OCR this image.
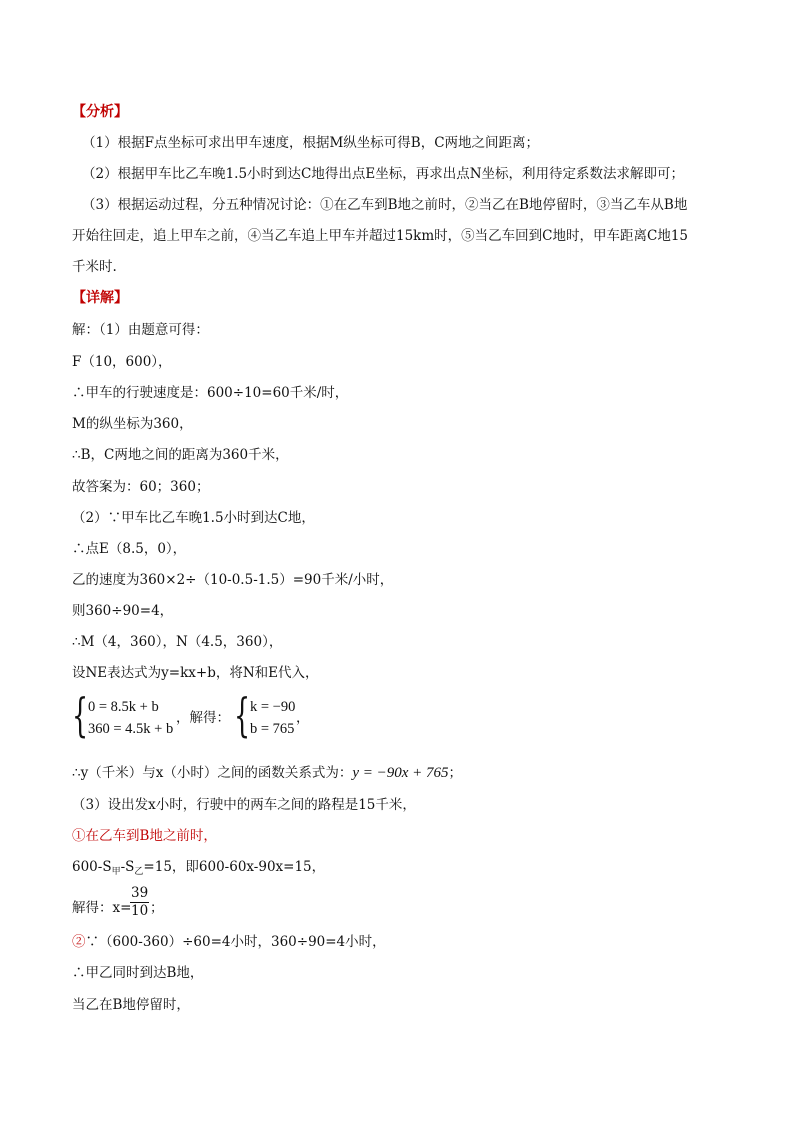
【分析】
（1）根据F点坐标可求出甲车速度，根据M纵坐标可得B，C两地之间距离；
（2）根据甲车比乙车晚1.5小时到达C地得出点E坐标，再求出点N坐标，利用待定系数法求解即可；
（3）根据运动过程，分五种情况讨论：①在乙车到B地之前时，②当乙在B地停留时，③当乙车从B地
开始往回走，追上甲车之前，④当乙车追上甲车并超过15km时，⑤当乙车回到C地时，甲车距离C地15
千米时.
【详解】
解：（1）由题意可得：
F（10，600），
∴甲车的行驶速度是：600÷10=60千米/时，
M的纵坐标为360，
∴B，C两地之间的距离为360千米，
故答案为：60；360；
（2）∵甲车比乙车晚1.5小时到达C地，
∴点E（8.5，0），
乙的速度为360×2÷（10-0.5-1.5）=90千米/小时，
则360÷90=4，
∴M（4，360），N（4.5，360），
设NE表达式为y=kx+b，将N和E代入，
{ 0 = 8.5k + b
360 = 4.5k + b
，解得： { k = −90
b = 765
，
∴y（千米）与x（小时）之间的函数关系式为：y = −90x + 765；
（3）设出发x小时，行驶中的两车之间的路程是15千米，
①在乙车到B地之前时，
$600-S_甲-S_乙=15$，即600-60x-90x=15，
解得：x=
$\frac{39}{10}$ ；
②∵（600-360）÷60=4小时，360÷90=4小时，
∴甲乙同时到达B地，
当乙在B地停留时，
